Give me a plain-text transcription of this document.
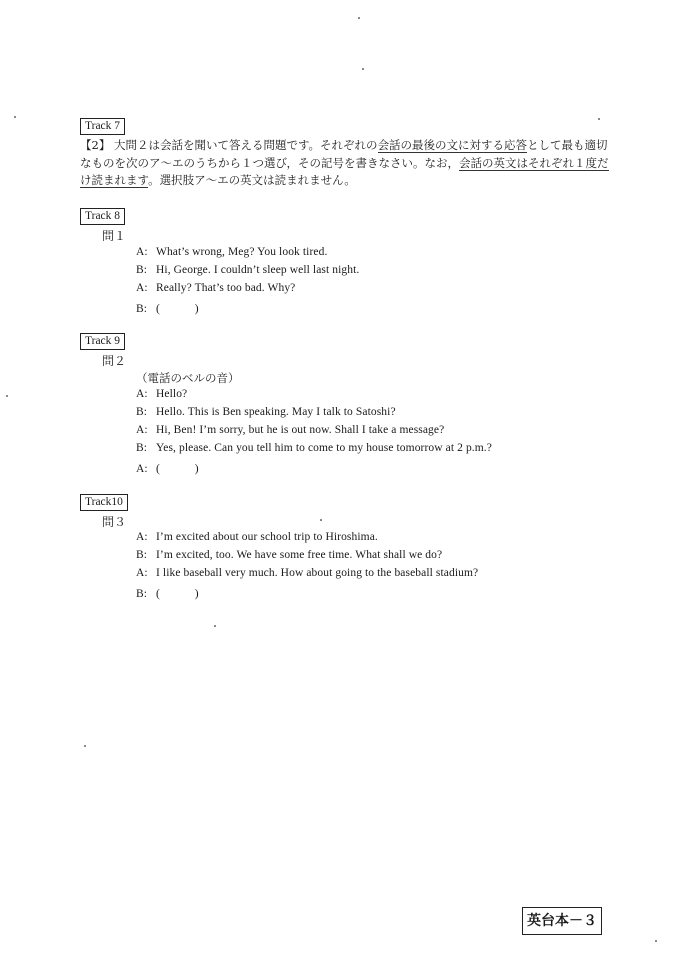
Track 7

【2】 大問２は会話を聞いて答える問題です。それぞれの会話の最後の文に対する応答として最も適切なものを次のア～エのうちから１つ選び，その記号を書きなさい。なお，会話の英文はそれぞれ１度だけ読まれます。選択肢ア～エの英文は読まれません。

Track 8
問１
A: What’s wrong, Meg? You look tired.
B: Hi, George. I couldn’t sleep well last night.
A: Really? That’s too bad. Why?
B: (　　　)
Track 9
問２
（電話のベルの音）
A: Hello?
B: Hello. This is Ben speaking. May I talk to Satoshi?
A: Hi, Ben! I’m sorry, but he is out now. Shall I take a message?
B: Yes, please. Can you tell him to come to my house tomorrow at 2 p.m.?
A: (　　　)
Track10
問３
A: I’m excited about our school trip to Hiroshima.
B: I’m excited, too. We have some free time. What shall we do?
A: I like baseball very much. How about going to the baseball stadium?
B: (　　　)
英台本－３
